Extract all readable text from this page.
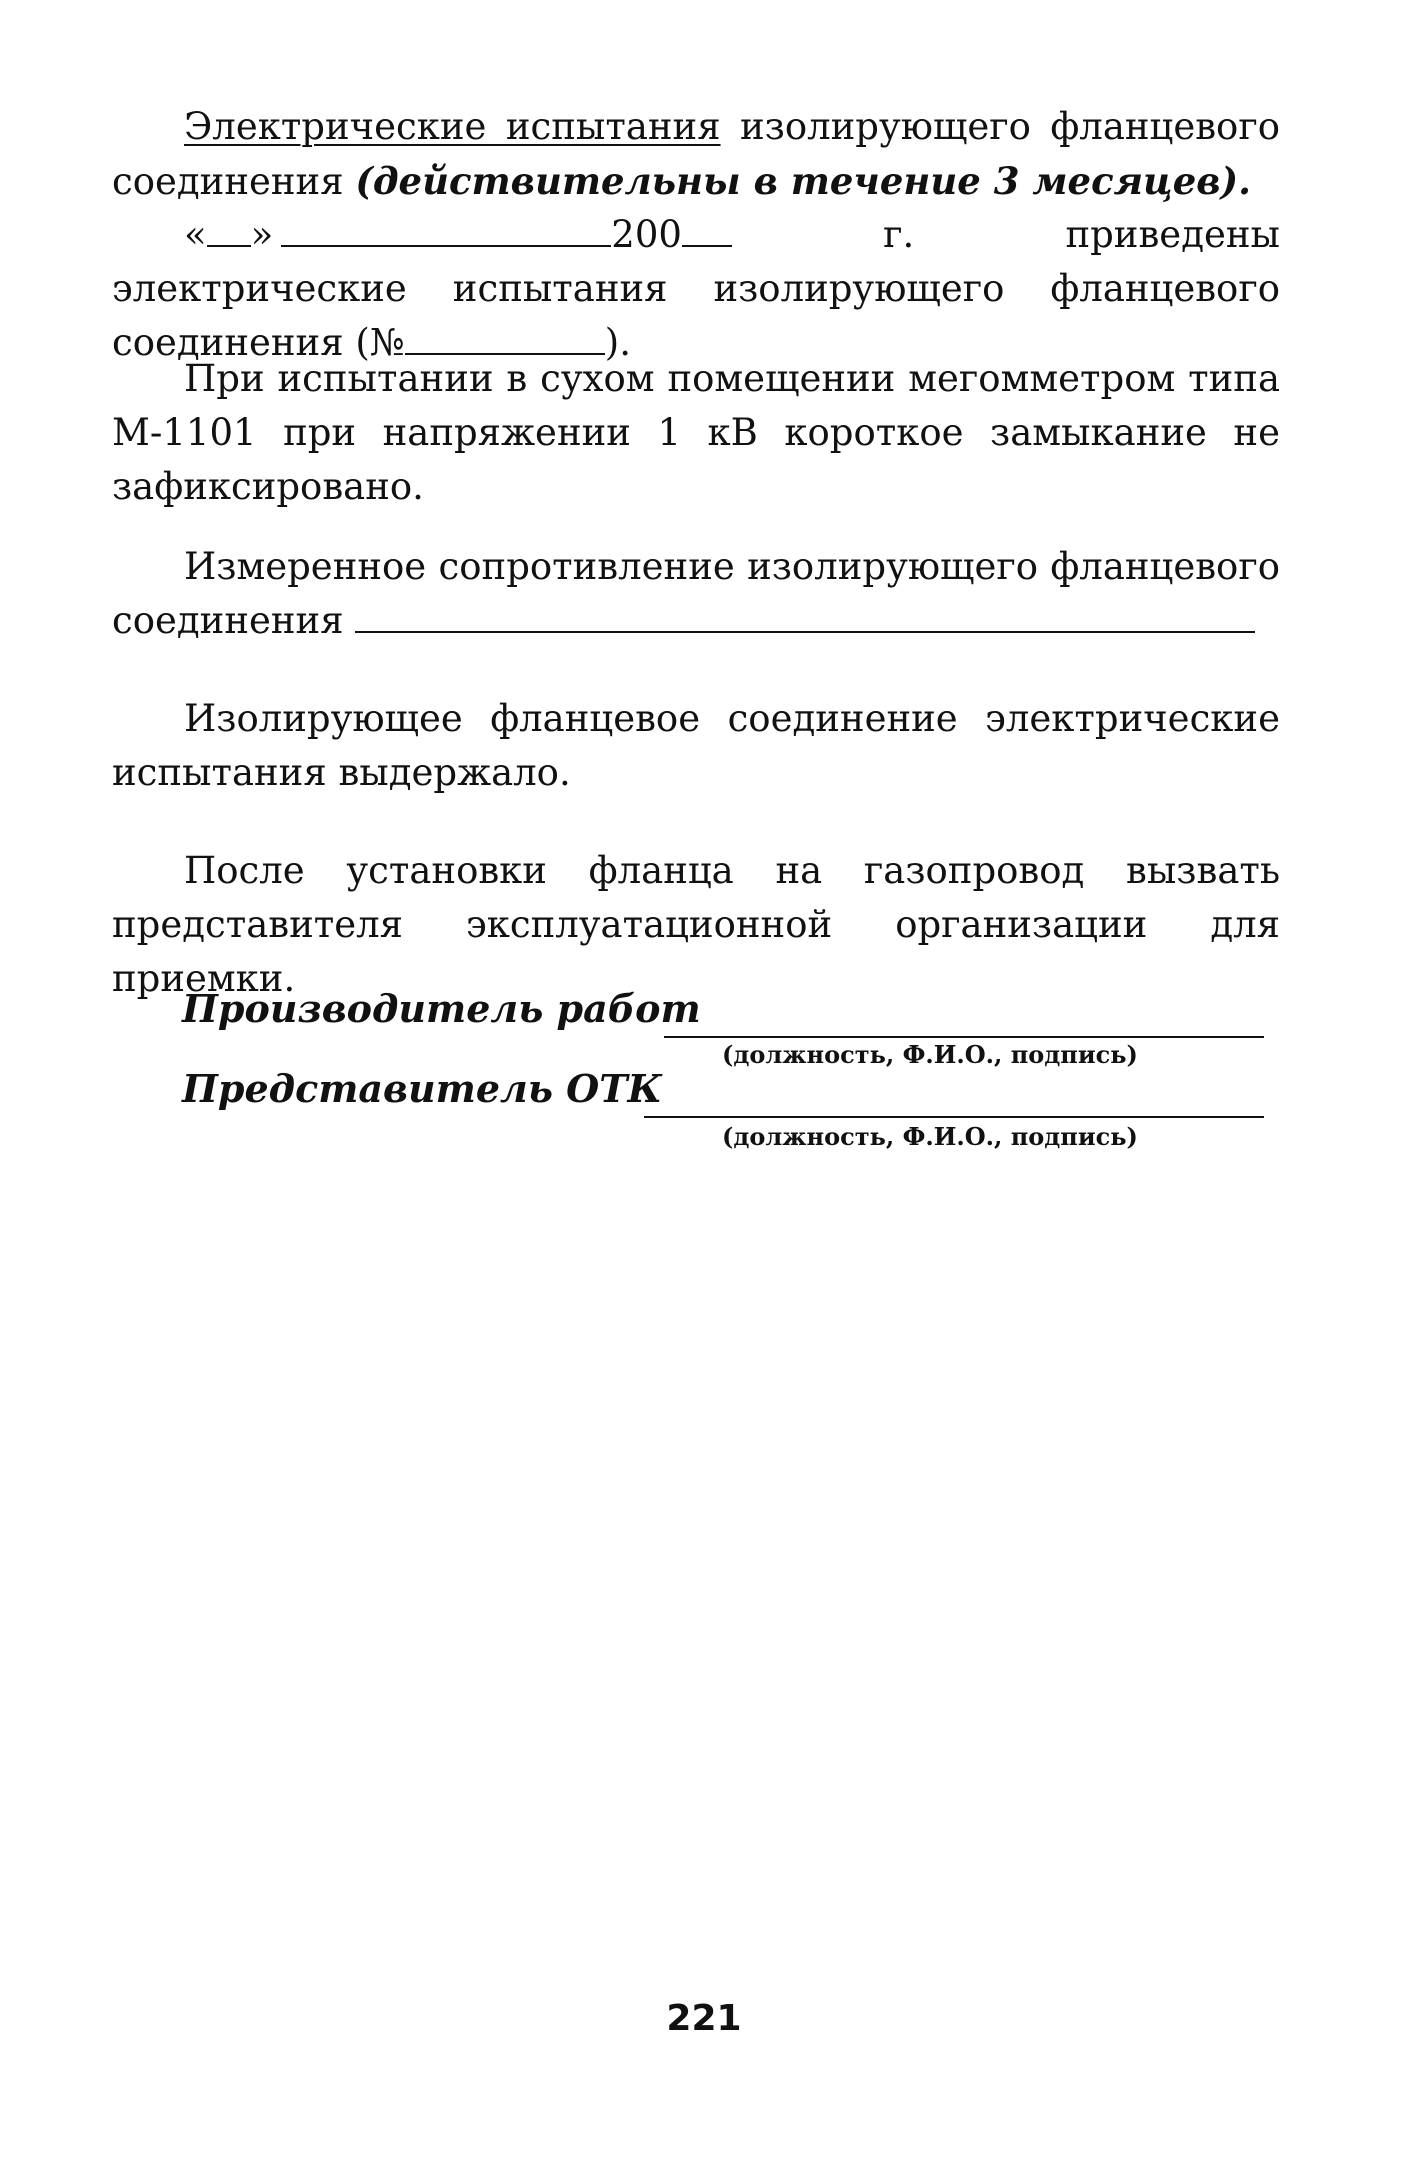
Электрические испытания изолирующего фланцевого соединения (действительны в течение 3 месяцев).

« »	200 г. приведены электрические испытания изолирующего фланцевого соединения (№	).

При испытании в сухом помещении мегомметром типа М-1101 при напряжении 1 кВ короткое замыкание не зафиксировано.

Измеренное сопротивление изолирующего фланцевого соединения

Изолирующее фланцевое соединение электрические испытания выдержало.

После установки фланца на газопровод вызвать представителя эксплуатационной организации для приемки.

Производитель работ
(должность, Ф.И.О., подпись)
Представитель ОТК
(должность, Ф.И.О., подпись)
221
